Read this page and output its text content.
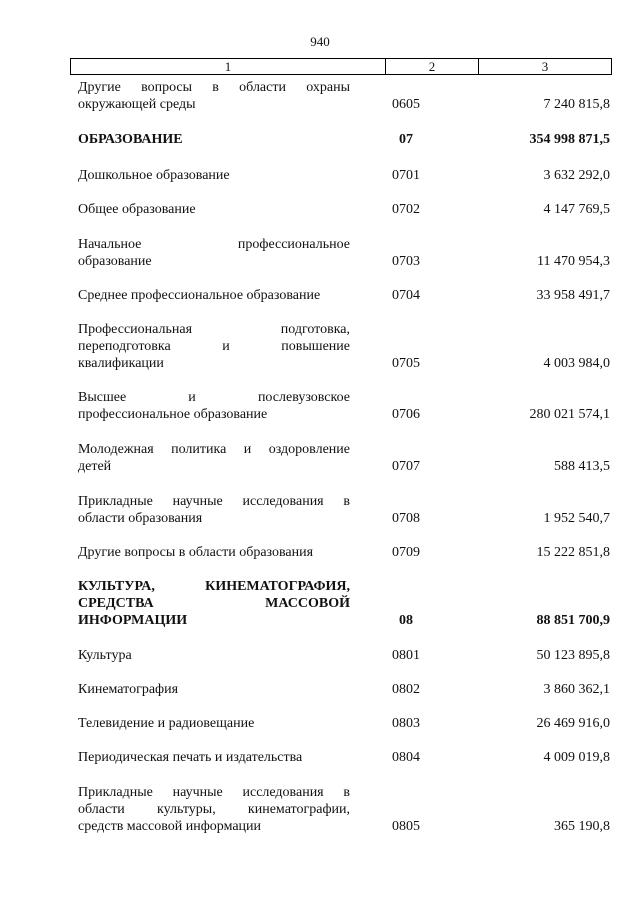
940
1	2	3
Другие вопросы в области охраны
окружающей среды	0605	7 240 815,8
ОБРАЗОВАНИЕ	07	354 998 871,5
Дошкольное образование	0701	3 632 292,0
Общее образование	0702	4 147 769,5
Начальное профессиональное
образование	0703	11 470 954,3
Среднее профессиональное образование	0704	33 958 491,7
Профессиональная подготовка,
переподготовка и повышение
квалификации	0705	4 003 984,0
Высшее и послевузовское
профессиональное образование	0706	280 021 574,1
Молодежная политика и оздоровление
детей	0707	588 413,5
Прикладные научные исследования в
области образования	0708	1 952 540,7
Другие вопросы в области образования	0709	15 222 851,8
КУЛЬТУРА, КИНЕМАТОГРАФИЯ,
СРЕДСТВА МАССОВОЙ
ИНФОРМАЦИИ	08	88 851 700,9
Культура	0801	50 123 895,8
Кинематография	0802	3 860 362,1
Телевидение и радиовещание	0803	26 469 916,0
Периодическая печать и издательства	0804	4 009 019,8
Прикладные научные исследования в
области культуры, кинематографии,
средств массовой информации	0805	365 190,8
